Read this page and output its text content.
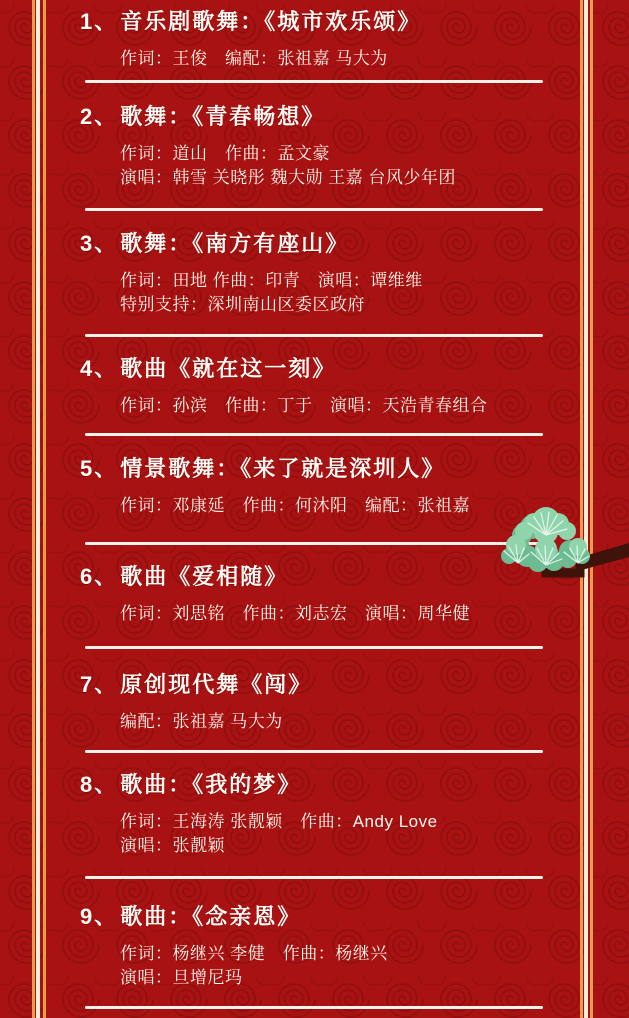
1、音乐剧歌舞：《城市欢乐颂》
作词：王俊　编配：张祖嘉 马大为
2、歌舞：《青春畅想》
作词：道山　作曲：孟文豪
演唱：韩雪 关晓彤 魏大勋 王嘉 台风少年团
3、歌舞：《南方有座山》
作词：田地 作曲：印青　演唱：谭维维
特别支持：深圳南山区委区政府
4、歌曲《就在这一刻》
作词：孙滨　作曲：丁于　演唱：天浩青春组合
5、情景歌舞：《来了就是深圳人》
作词：邓康延　作曲：何沐阳　编配：张祖嘉
6、歌曲《爱相随》
作词：刘思铭　作曲：刘志宏　演唱：周华健
7、原创现代舞《闯》
编配：张祖嘉 马大为
8、歌曲：《我的梦》
作词：王海涛 张靓颖　作曲：Andy Love
演唱：张靓颖
9、歌曲：《念亲恩》
作词：杨继兴 李健　作曲：杨继兴
演唱：旦增尼玛
